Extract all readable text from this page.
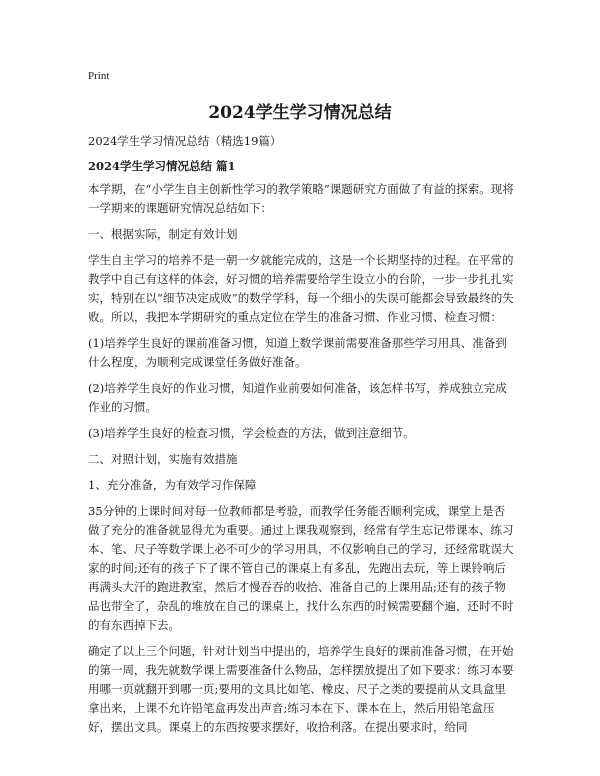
Print
2024学生学习情况总结

2024学生学习情况总结（精选19篇）

2024学生学习情况总结 篇1

本学期，在“小学生自主创新性学习的教学策略”课题研究方面做了有益的探索。现将一学期来的课题研究情况总结如下：

一、根据实际，制定有效计划

学生自主学习的培养不是一朝一夕就能完成的，这是一个长期坚持的过程。在平常的教学中自己有这样的体会，好习惯的培养需要给学生设立小的台阶，一步一步扎扎实实，特别在以“细节决定成败”的数学学科，每一个细小的失误可能都会导致最终的失败。所以，我把本学期研究的重点定位在学生的准备习惯、作业习惯、检查习惯：

(1)培养学生良好的课前准备习惯，知道上数学课前需要准备那些学习用具、准备到什么程度，为顺利完成课堂任务做好准备。

(2)培养学生良好的作业习惯，知道作业前要如何准备，该怎样书写，养成独立完成作业的习惯。

(3)培养学生良好的检查习惯，学会检查的方法，做到注意细节。

二、对照计划，实施有效措施

1、充分准备，为有效学习作保障

35分钟的上课时间对每一位教师都是考验，而教学任务能否顺利完成，课堂上是否做了充分的准备就显得尤为重要。通过上课我观察到，经常有学生忘记带课本、练习本、笔、尺子等数学课上必不可少的学习用具，不仅影响自己的学习，还经常耽误大家的时间;还有的孩子下了课不管自己的课桌上有多乱，先跑出去玩，等上课铃响后再满头大汗的跑进教室，然后才慢吞吞的收拾、准备自己的上课用品;还有的孩子物品也带全了，杂乱的堆放在自己的课桌上，找什么东西的时候需要翻个遍，还时不时的有东西掉下去。

确定了以上三个问题，针对计划当中提出的，培养学生良好的课前准备习惯，在开始的第一周，我先就数学课上需要准备什么物品，怎样摆放提出了如下要求：练习本要用哪一页就翻开到哪一页;要用的文具比如笔、橡皮、尺子之类的要提前从文具盒里拿出来，上课不允许铅笔盒再发出声音;练习本在下、课本在上，然后用铅笔盒压好，摆出文具。课桌上的东西按要求摆好，收拾利落。在提出要求时，给同
